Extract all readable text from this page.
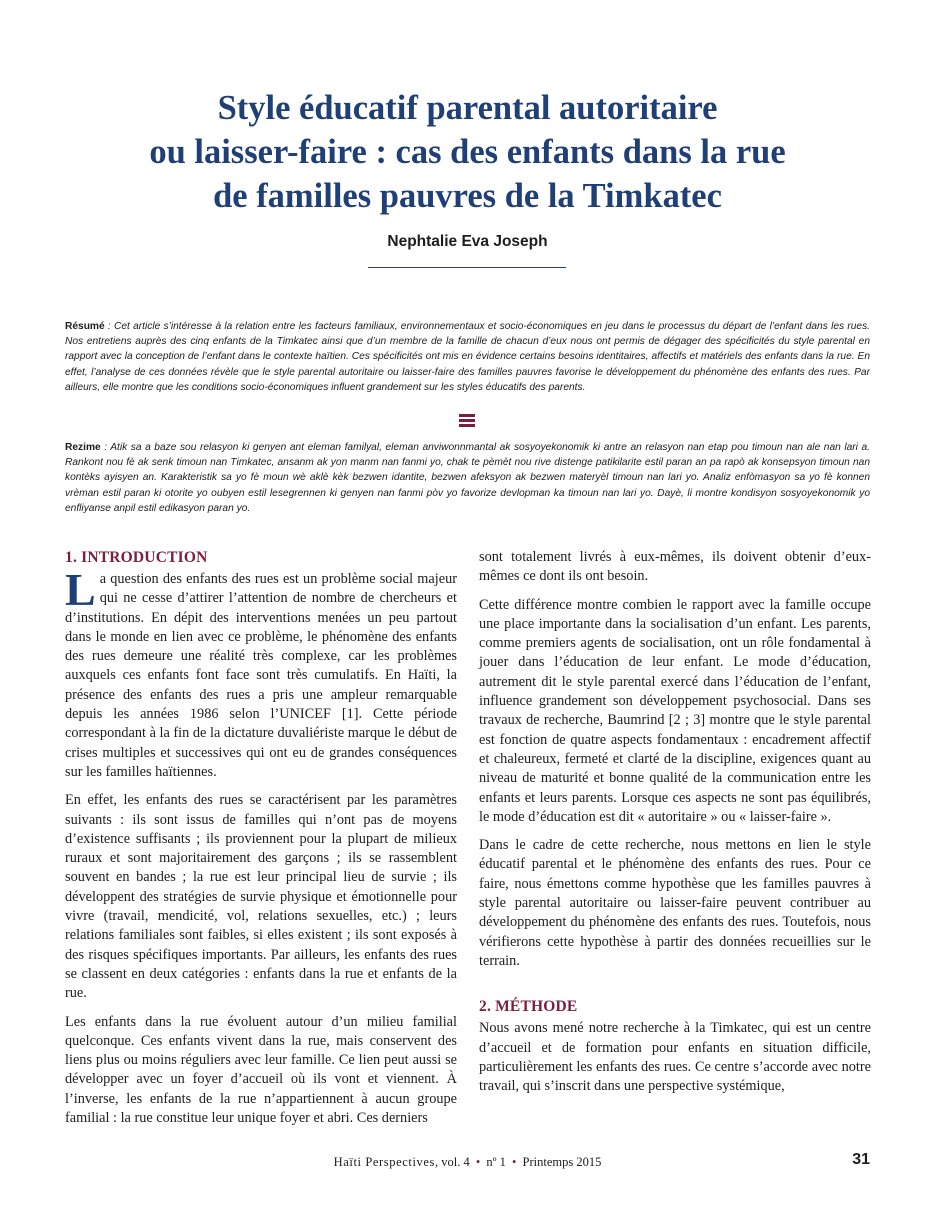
Style éducatif parental autoritaire
ou laisser-faire : cas des enfants dans la rue
de familles pauvres de la Timkatec
Nephtalie Eva Joseph

Résumé : Cet article s’intéresse à la relation entre les facteurs familiaux, environnementaux et socio-économiques en jeu dans le processus du départ de l’enfant dans les rues. Nos entretiens auprès des cinq enfants de la Timkatec ainsi que d’un membre de la famille de chacun d’eux nous ont permis de dégager des spécificités du style parental en rapport avec la conception de l’enfant dans le contexte haïtien. Ces spécificités ont mis en évidence certains besoins identitaires, affectifs et matériels des enfants dans la rue. En effet, l’analyse de ces données révèle que le style parental autoritaire ou laisser-faire des familles pauvres favorise le développement du phénomène des enfants des rues. Par ailleurs, elle montre que les conditions socio-économiques influent grandement sur les styles éducatifs des parents.

Rezime : Atik sa a baze sou relasyon ki genyen ant eleman familyal, eleman anviwonnmantal ak sosyoyekonomik ki antre an relasyon nan etap pou timoun nan ale nan lari a. Rankont nou fè ak senk timoun nan Timkatec, ansanm ak yon manm nan fanmi yo, chak te pèmèt nou rive distenge patikilarite estil paran an pa rapò ak konsepsyon timoun nan kontèks ayisyen an. Karakteristik sa yo fè moun wè aklè kèk bezwen idantite, bezwen afeksyon ak bezwen materyèl timoun nan lari yo. Analiz enfòmasyon sa yo fè konnen vrèman estil paran ki otorite yo oubyen estil lesegrennen ki genyen nan fanmi pòv yo favorize devlopman ka timoun nan lari yo. Dayè, li montre kondisyon sosyoyekonomik yo enfliyanse anpil estil edikasyon paran yo.

1. INTRODUCTION

La question des enfants des rues est un problème social majeur qui ne cesse d’attirer l’attention de nombre de chercheurs et d’institutions. En dépit des interventions menées un peu partout dans le monde en lien avec ce problème, le phénomène des enfants des rues demeure une réalité très complexe, car les problèmes auxquels ces enfants font face sont très cumulatifs. En Haïti, la présence des enfants des rues a pris une ampleur remarquable depuis les années 1986 selon l’UNICEF [1]. Cette période correspondant à la fin de la dictature duvaliériste marque le début de crises multiples et successives qui ont eu de grandes conséquences sur les familles haïtiennes.

En effet, les enfants des rues se caractérisent par les paramètres suivants : ils sont issus de familles qui n’ont pas de moyens d’existence suffisants ; ils proviennent pour la plupart de milieux ruraux et sont majoritairement des garçons ; ils se rassemblent souvent en bandes ; la rue est leur principal lieu de survie ; ils développent des stratégies de survie physique et émotionnelle pour vivre (travail, mendicité, vol, relations sexuelles, etc.) ; leurs relations familiales sont faibles, si elles existent ; ils sont exposés à des risques spécifiques importants. Par ailleurs, les enfants des rues se classent en deux catégories : enfants dans la rue et enfants de la rue.

Les enfants dans la rue évoluent autour d’un milieu familial quelconque. Ces enfants vivent dans la rue, mais conservent des liens plus ou moins réguliers avec leur famille. Ce lien peut aussi se développer avec un foyer d’accueil où ils vont et viennent. À l’inverse, les enfants de la rue n’appartiennent à aucun groupe familial : la rue constitue leur unique foyer et abri. Ces derniers

sont totalement livrés à eux-mêmes, ils doivent obtenir d’eux-mêmes ce dont ils ont besoin.

Cette différence montre combien le rapport avec la famille occupe une place importante dans la socialisation d’un enfant. Les parents, comme premiers agents de socialisation, ont un rôle fondamental à jouer dans l’éducation de leur enfant. Le mode d’éducation, autrement dit le style parental exercé dans l’éducation de l’enfant, influence grandement son développement psychosocial. Dans ses travaux de recherche, Baumrind [2 ; 3] montre que le style parental est fonction de quatre aspects fondamentaux : encadrement affectif et chaleureux, fermeté et clarté de la discipline, exigences quant au niveau de maturité et bonne qualité de la communication entre les enfants et leurs parents. Lorsque ces aspects ne sont pas équilibrés, le mode d’éducation est dit « autoritaire » ou « laisser-faire ».

Dans le cadre de cette recherche, nous mettons en lien le style éducatif parental et le phénomène des enfants des rues. Pour ce faire, nous émettons comme hypothèse que les familles pauvres à style parental autoritaire ou laisser-faire peuvent contribuer au développement du phénomène des enfants des rues. Toutefois, nous vérifierons cette hypothèse à partir des données recueillies sur le terrain.

2. MÉTHODE

Nous avons mené notre recherche à la Timkatec, qui est un centre d’accueil et de formation pour enfants en situation difficile, particulièrement les enfants des rues. Ce centre s’accorde avec notre travail, qui s’inscrit dans une perspective systémique,

Haïti Perspectives, vol. 4 • nº 1 • Printemps 2015	31
